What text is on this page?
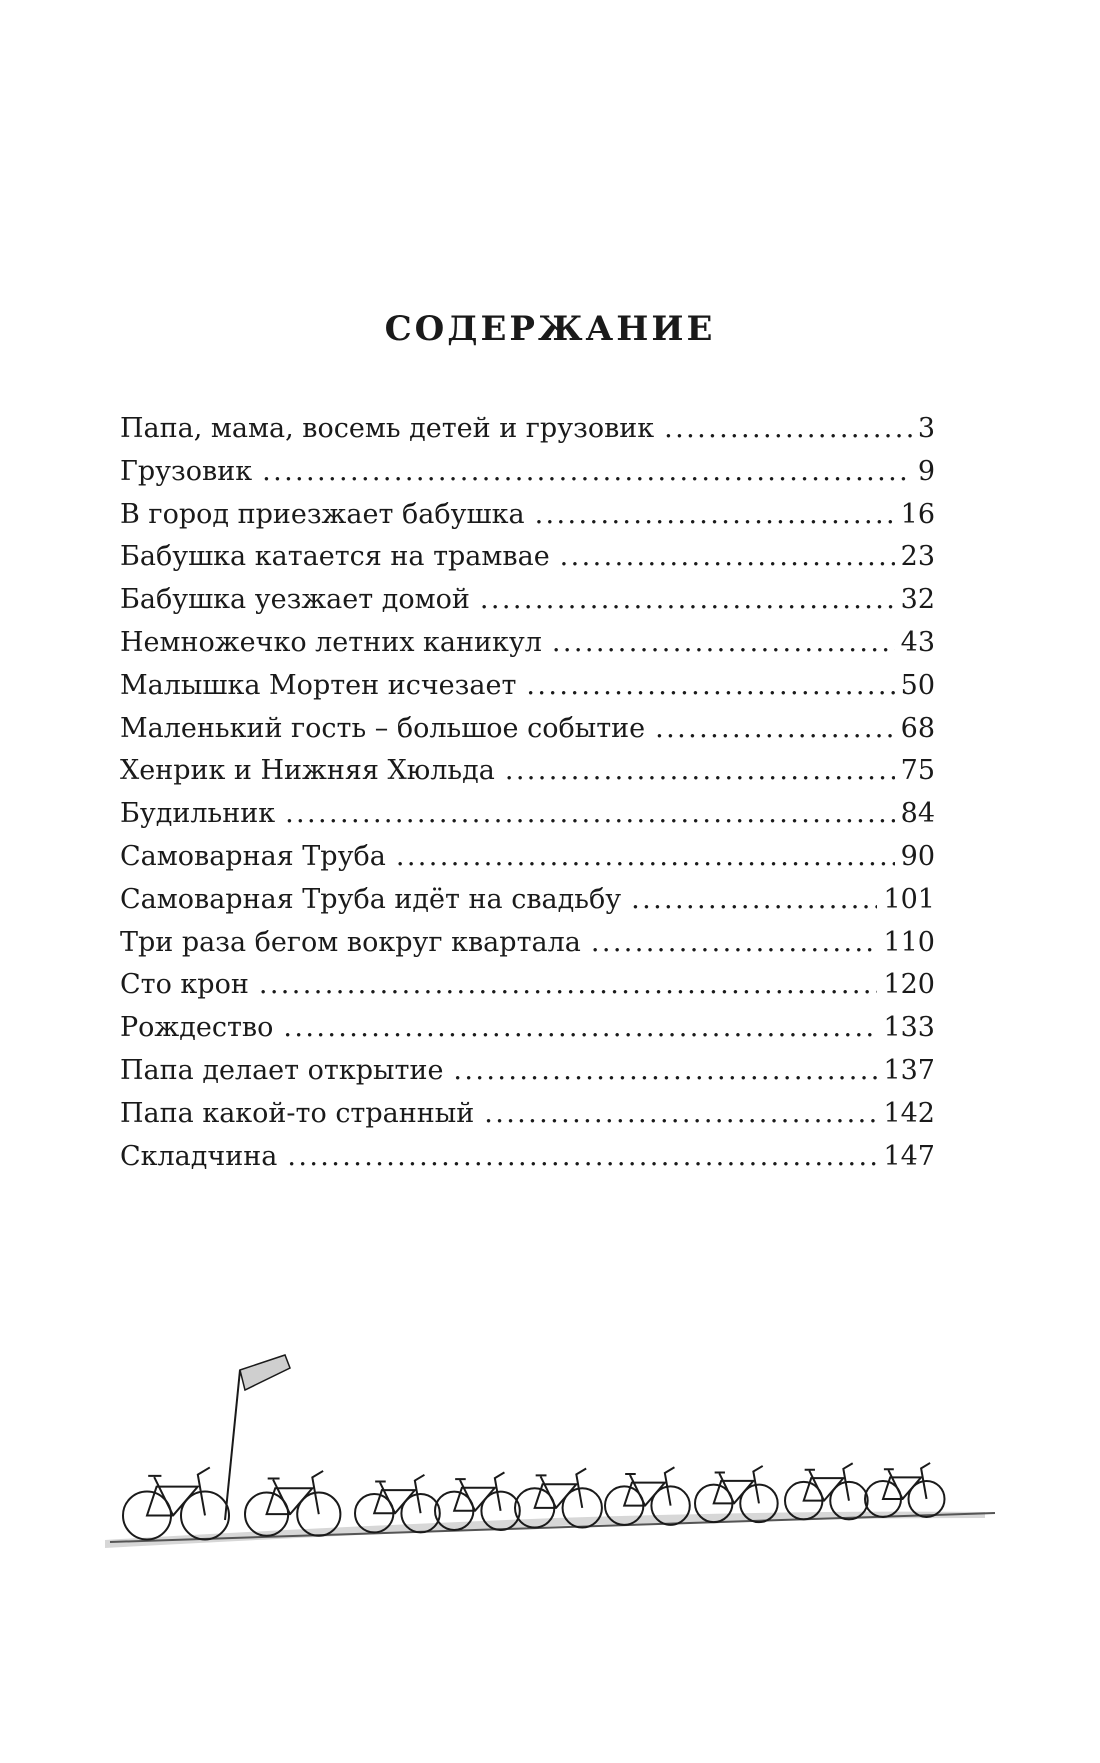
СОДЕРЖАНИЕ
Папа, мама, восемь детей и грузовик .....	3
Грузовик .....	9
В город приезжает бабушка .....	16
Бабушка катается на трамвае .....	23
Бабушка уезжает домой .....	32
Немножечко летних каникул .....	43
Малышка Мортен исчезает .....	50
Маленький гость – большое событие .....	68
Хенрик и Нижняя Хюльда .....	75
Будильник .....	84
Самоварная Труба .....	90
Самоварная Труба идёт на свадьбу .....	101
Три раза бегом вокруг квартала .....	110
Сто крон .....	120
Рождество .....	133
Папа делает открытие .....	137
Папа какой-то странный .....	142
Складчина .....	147
